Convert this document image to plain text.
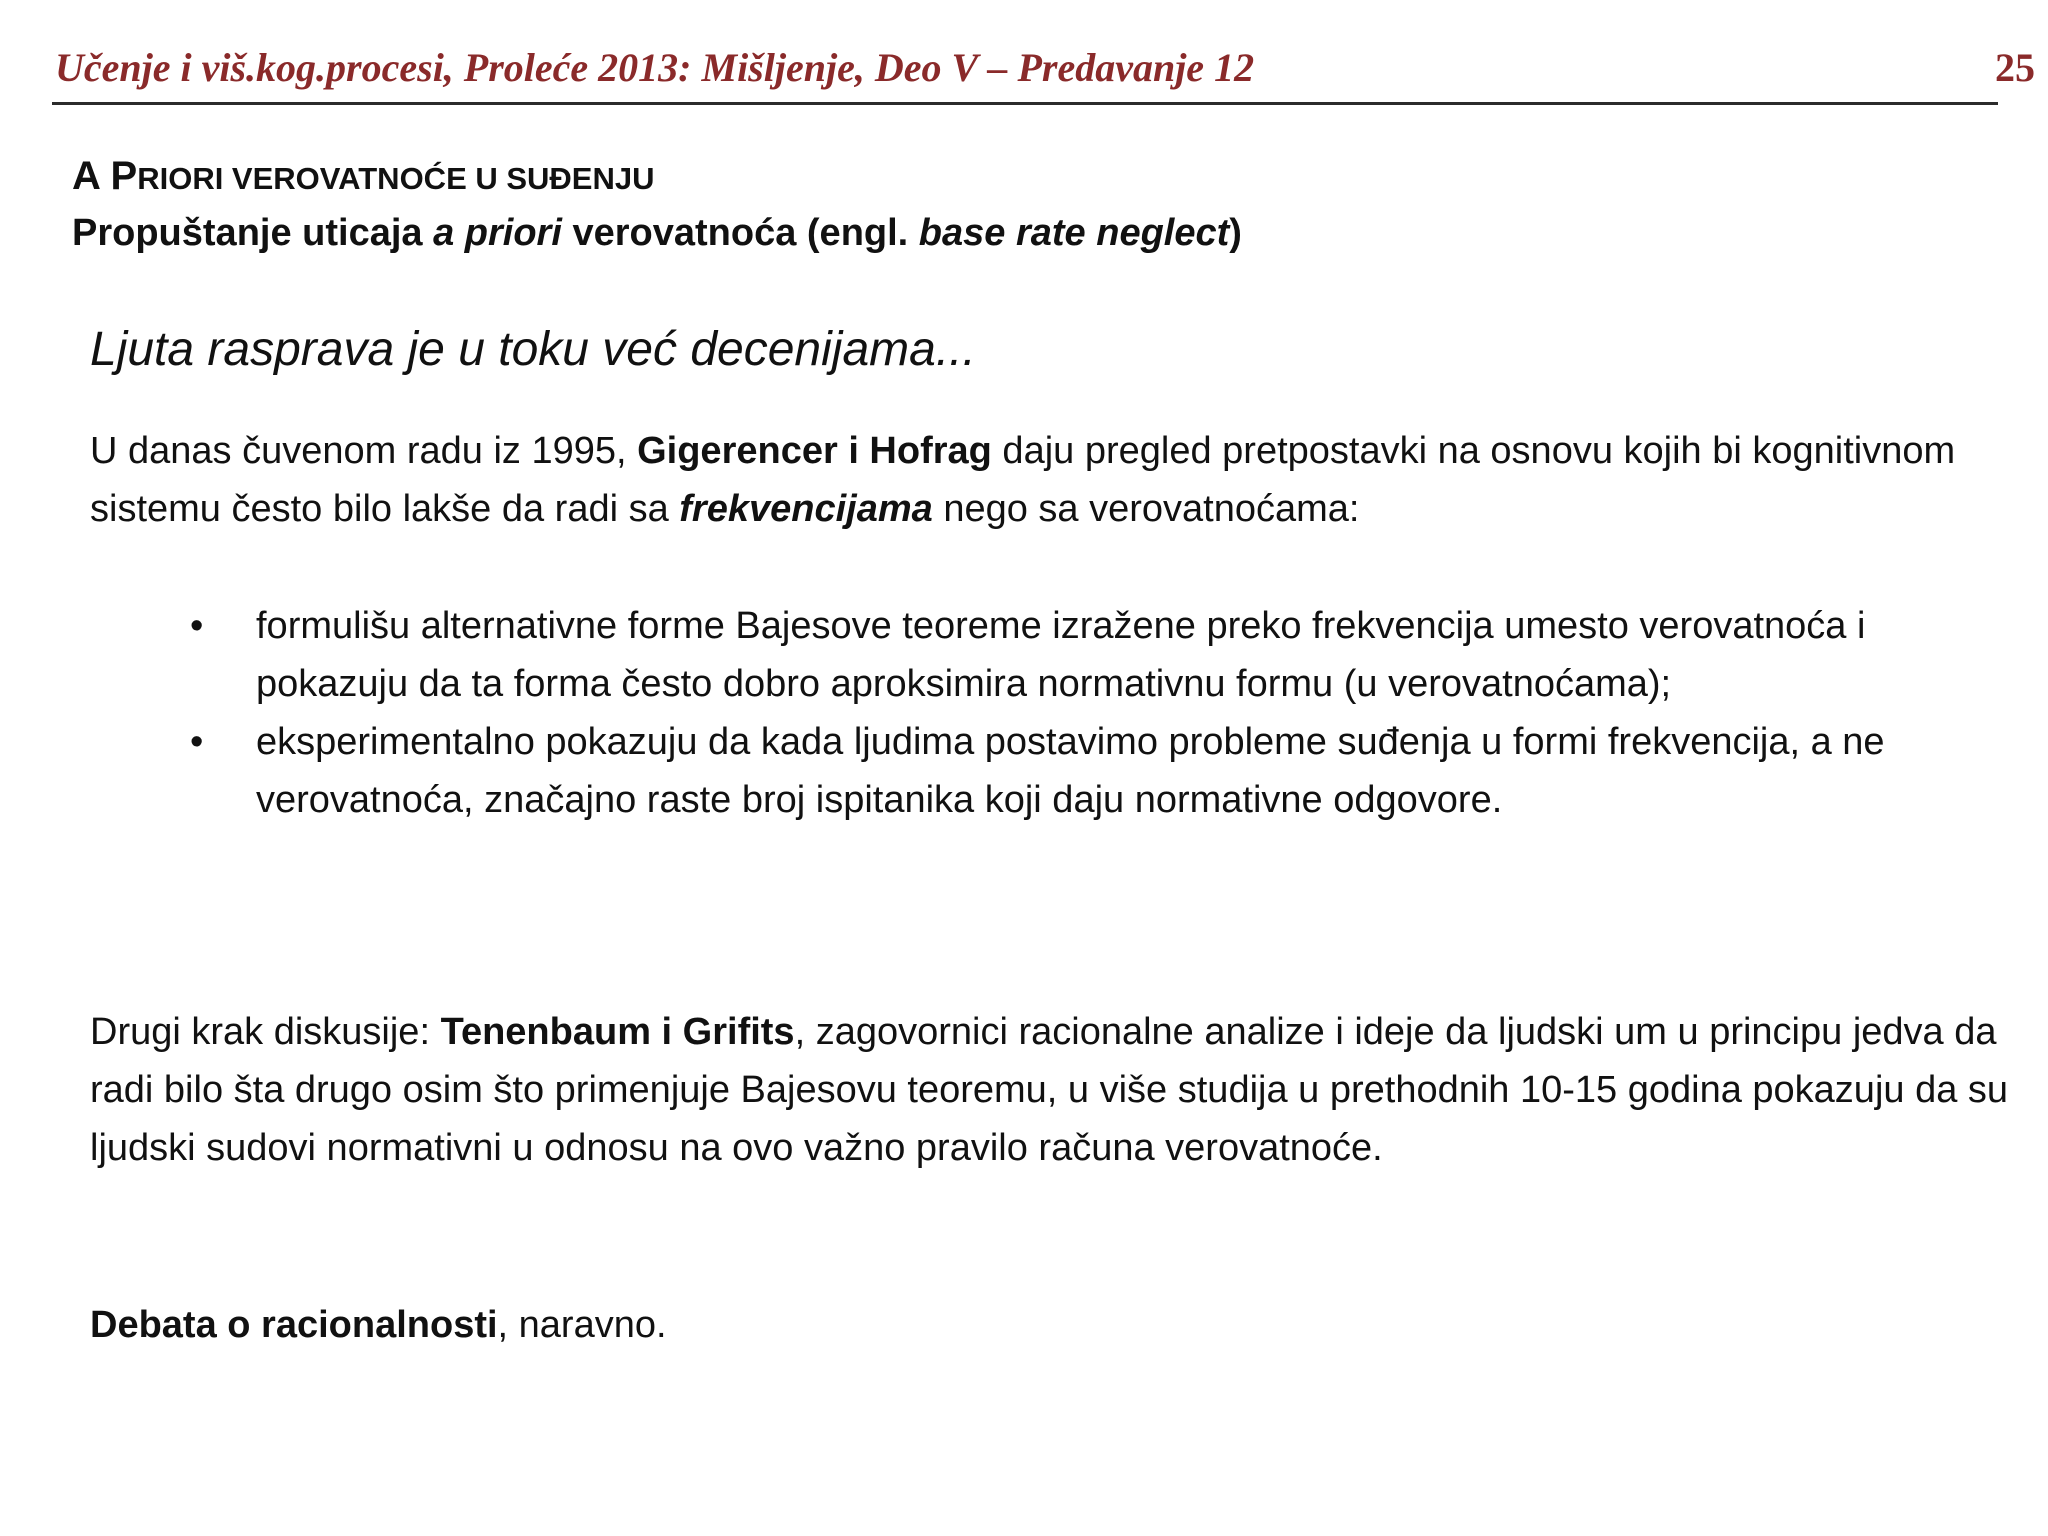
Učenje i viš.kog.procesi, Proleće 2013: Mišljenje, Deo V – Predavanje 12	25
A PRIORI VEROVATNOĆE U SUĐENJU
Propuštanje uticaja a priori verovatnoća (engl. base rate neglect)
Ljuta rasprava je u toku već decenijama...

U danas čuvenom radu iz 1995, Gigerencer i Hofrag daju pregled pretpostavki na osnovu kojih bi kognitivnom sistemu često bilo lakše da radi sa frekvencijama nego sa verovatnoćama:

• formulišu alternativne forme Bajesove teoreme izražene preko frekvencija umesto verovatnoća i pokazuju da ta forma često dobro aproksimira normativnu formu (u verovatnoćama);
• eksperimentalno pokazuju da kada ljudima postavimo probleme suđenja u formi frekvencija, a ne verovatnoća, značajno raste broj ispitanika koji daju normativne odgovore.

Drugi krak diskusije: Tenenbaum i Grifits, zagovornici racionalne analize i ideje da ljudski um u principu jedva da radi bilo šta drugo osim što primenjuje Bajesovu teoremu, u više studija u prethodnih 10-15 godina pokazuju da su ljudski sudovi normativni u odnosu na ovo važno pravilo računa verovatnoće.

Debata o racionalnosti, naravno.
